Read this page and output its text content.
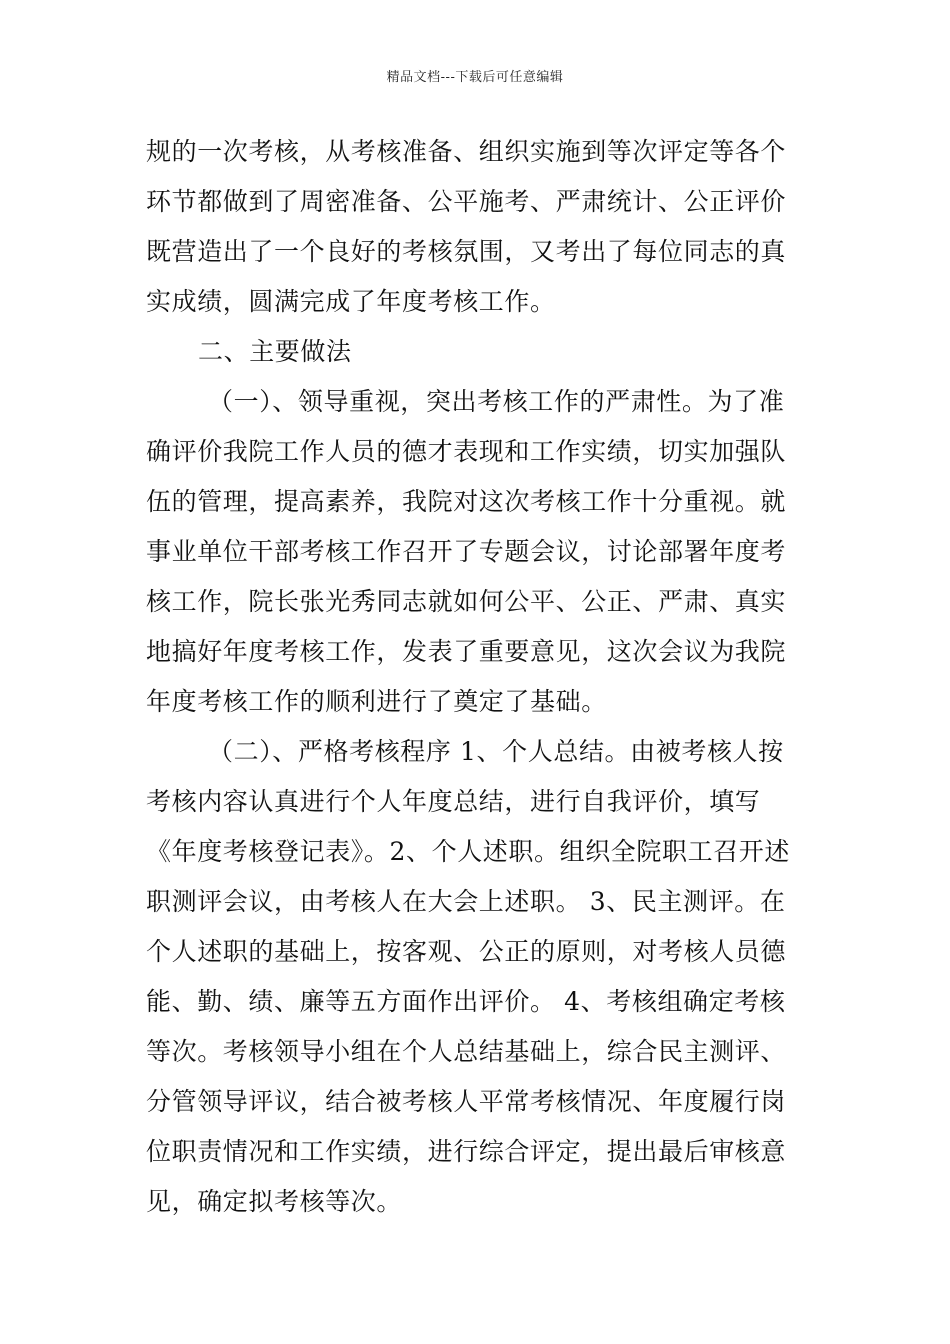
精品文档---下载后可任意编辑
规的一次考核，从考核准备、组织实施到等次评定等各个
环节都做到了周密准备、公平施考、严肃统计、公正评价
既营造出了一个良好的考核氛围，又考出了每位同志的真
实成绩，圆满完成了年度考核工作。
二、主要做法
（一）、领导重视，突出考核工作的严肃性。为了准
确评价我院工作人员的德才表现和工作实绩，切实加强队
伍的管理，提高素养，我院对这次考核工作十分重视。就
事业单位干部考核工作召开了专题会议，讨论部署年度考
核工作，院长张光秀同志就如何公平、公正、严肃、真实
地搞好年度考核工作，发表了重要意见，这次会议为我院
年度考核工作的顺利进行了奠定了基础。
（二）、严格考核程序 1、个人总结。由被考核人按
考核内容认真进行个人年度总结，进行自我评价，填写
《年度考核登记表》。2、个人述职。组织全院职工召开述
职测评会议，由考核人在大会上述职。 3、民主测评。在
个人述职的基础上，按客观、公正的原则，对考核人员德
能、勤、绩、廉等五方面作出评价。 4、考核组确定考核
等次。考核领导小组在个人总结基础上，综合民主测评、
分管领导评议，结合被考核人平常考核情况、年度履行岗
位职责情况和工作实绩，进行综合评定，提出最后审核意
见，确定拟考核等次。
